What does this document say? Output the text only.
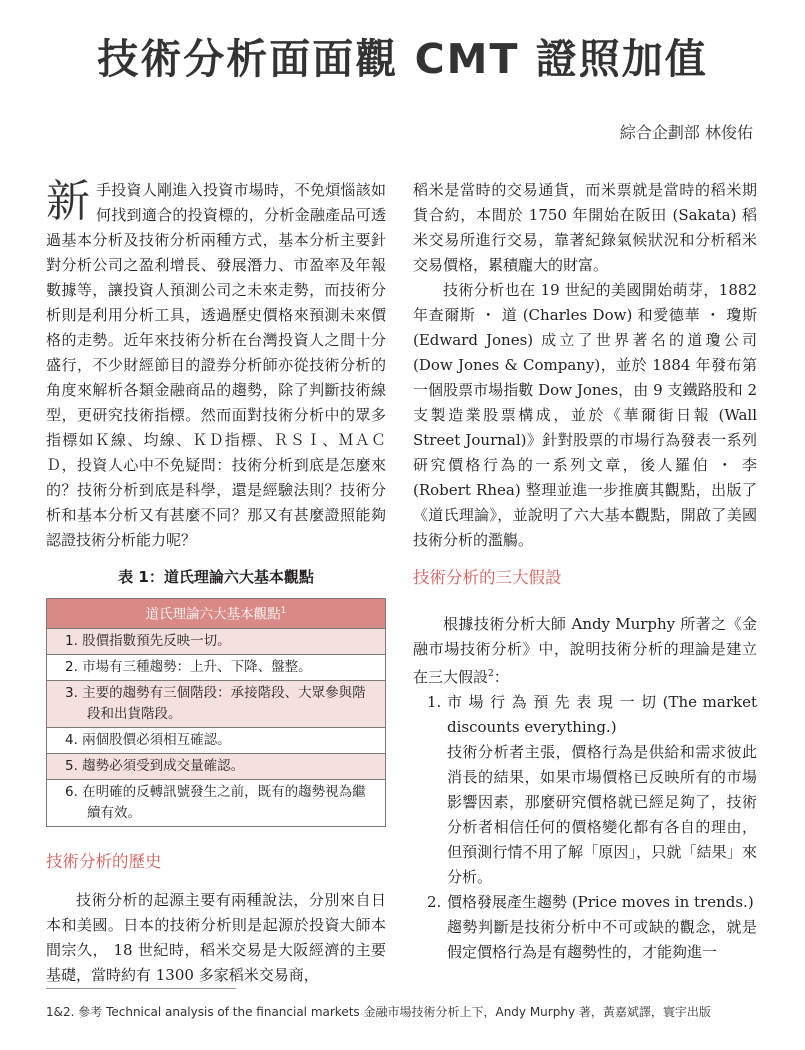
技術分析面面觀 CMT 證照加值
綜合企劃部 林俊佑

新手投資人剛進入投資市場時，不免煩惱該如何找到適合的投資標的，分析金融產品可透過基本分析及技術分析兩種方式，基本分析主要針對分析公司之盈利增長、發展潛力、市盈率及年報數據等，讓投資人預測公司之未來走勢，而技術分析則是利用分析工具，透過歷史價格來預測未來價格的走勢。近年來技術分析在台灣投資人之間十分盛行，不少財經節目的證券分析師亦從技術分析的角度來解析各類金融商品的趨勢，除了判斷技術線型，更研究技術指標。然而面對技術分析中的眾多指標如Ｋ線、均線、ＫＤ指標、ＲＳＩ、ＭＡＣＤ，投資人心中不免疑問：技術分析到底是怎麼來的？技術分析到底是科學，還是經驗法則？技術分析和基本分析又有甚麼不同？那又有甚麼證照能夠認證技術分析能力呢？

表 1：道氏理論六大基本觀點
道氏理論六大基本觀點$^1$
1. 股價指數預先反映一切。
2. 市場有三種趨勢：上升、下降、盤整。
3. 主要的趨勢有三個階段：承接階段、大眾參與階段和出貨階段。
4. 兩個股價必須相互確認。
5. 趨勢必須受到成交量確認。
6. 在明確的反轉訊號發生之前，既有的趨勢視為繼續有效。
技術分析的歷史

技術分析的起源主要有兩種說法，分別來自日本和美國。日本的技術分析則是起源於投資大師本間宗久， 18 世紀時，稻米交易是大阪經濟的主要基礎，當時約有 1300 多家稻米交易商，

稻米是當時的交易通貨，而米票就是當時的稻米期貨合約，本間於 1750 年開始在阪田 (Sakata) 稻米交易所進行交易，靠著紀錄氣候狀況和分析稻米交易價格，累積龐大的財富。

技術分析也在 19 世紀的美國開始萌芽，1882 年查爾斯 ・ 道 (Charles Dow) 和愛德華 ・ 瓊斯 (Edward Jones) 成立了世界著名的道瓊公司 (Dow Jones & Company)，並於 1884 年發布第一個股票市場指數 Dow Jones，由 9 支鐵路股和 2 支製造業股票構成，並於《華爾街日報 (Wall Street Journal)》針對股票的市場行為發表一系列研究價格行為的一系列文章，後人羅伯 ・ 李 (Robert Rhea) 整理並進一步推廣其觀點，出版了《道氏理論》，並說明了六大基本觀點，開啟了美國技術分析的濫觴。

技術分析的三大假設

根據技術分析大師 Andy Murphy 所著之《金融市場技術分析》中，說明技術分析的理論是建立在三大假設$^2$：

1. 市 場 行 為 預 先 表 現 一 切 (The market discounts everything.)

技術分析者主張，價格行為是供給和需求彼此消長的結果，如果市場價格已反映所有的市場影響因素，那麼研究價格就已經足夠了，技術分析者相信任何的價格變化都有各自的理由，但預測行情不用了解「原因」，只就「結果」來分析。

2. 價格發展產生趨勢 (Price moves in trends.)

趨勢判斷是技術分析中不可或缺的觀念，就是假定價格行為是有趨勢性的，才能夠進一

1&2. 參考 Technical analysis of the financial markets 金融市場技術分析上下，Andy Murphy 著，黃嘉斌譯，寰宇出版
